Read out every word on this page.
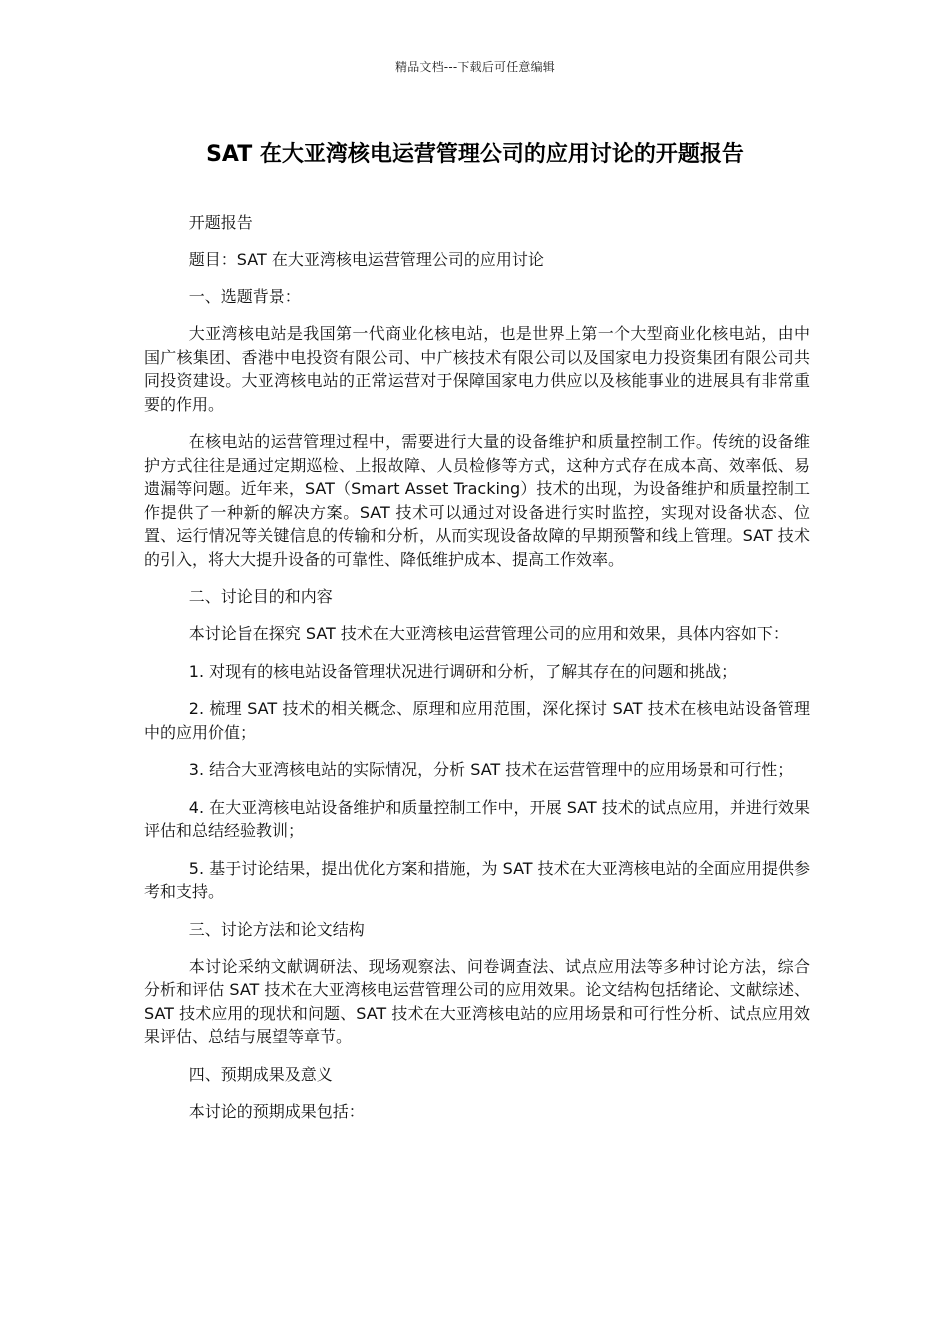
精品文档---下载后可任意编辑
SAT 在大亚湾核电运营管理公司的应用讨论的开题报告

开题报告

题目：SAT 在大亚湾核电运营管理公司的应用讨论

一、选题背景：

大亚湾核电站是我国第一代商业化核电站，也是世界上第一个大型商业化核电站，由中国广核集团、香港中电投资有限公司、中广核技术有限公司以及国家电力投资集团有限公司共同投资建设。大亚湾核电站的正常运营对于保障国家电力供应以及核能事业的进展具有非常重要的作用。

在核电站的运营管理过程中，需要进行大量的设备维护和质量控制工作。传统的设备维护方式往往是通过定期巡检、上报故障、人员检修等方式，这种方式存在成本高、效率低、易遗漏等问题。近年来，SAT（Smart Asset Tracking）技术的出现，为设备维护和质量控制工作提供了一种新的解决方案。SAT 技术可以通过对设备进行实时监控，实现对设备状态、位置、运行情况等关键信息的传输和分析，从而实现设备故障的早期预警和线上管理。SAT 技术的引入，将大大提升设备的可靠性、降低维护成本、提高工作效率。

二、讨论目的和内容

本讨论旨在探究 SAT 技术在大亚湾核电运营管理公司的应用和效果，具体内容如下：

1. 对现有的核电站设备管理状况进行调研和分析，了解其存在的问题和挑战；

2. 梳理 SAT 技术的相关概念、原理和应用范围，深化探讨 SAT 技术在核电站设备管理中的应用价值；

3. 结合大亚湾核电站的实际情况，分析 SAT 技术在运营管理中的应用场景和可行性；

4. 在大亚湾核电站设备维护和质量控制工作中，开展 SAT 技术的试点应用，并进行效果评估和总结经验教训；

5. 基于讨论结果，提出优化方案和措施，为 SAT 技术在大亚湾核电站的全面应用提供参考和支持。

三、讨论方法和论文结构

本讨论采纳文献调研法、现场观察法、问卷调查法、试点应用法等多种讨论方法，综合分析和评估 SAT 技术在大亚湾核电运营管理公司的应用效果。论文结构包括绪论、文献综述、SAT 技术应用的现状和问题、SAT 技术在大亚湾核电站的应用场景和可行性分析、试点应用效果评估、总结与展望等章节。

四、预期成果及意义

本讨论的预期成果包括：
